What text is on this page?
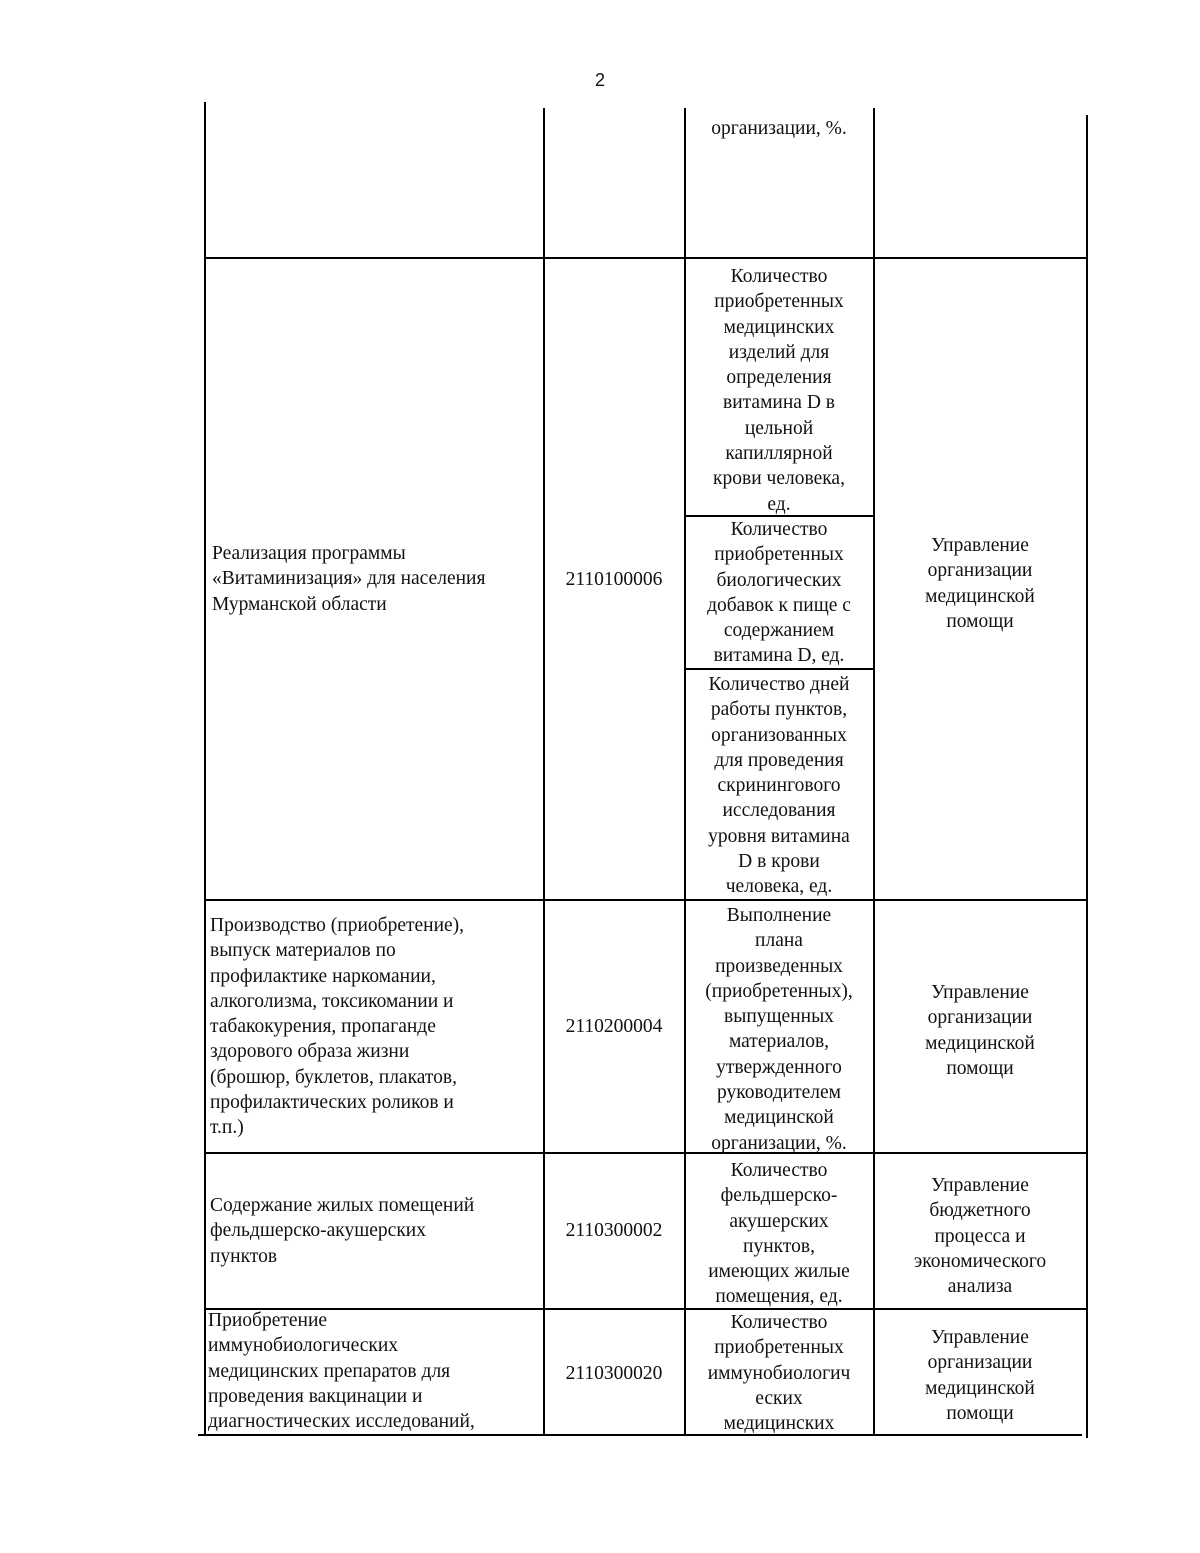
2
организации, %.
Реализация программы
«Витаминизация» для населения
Мурманской области
2110100006
Количество
приобретенных
медицинских
изделий для
определения
витамина D в
цельной
капиллярной
крови человека,
ед.
Количество
приобретенных
биологических
добавок к пище с
содержанием
витамина D, ед.
Количество дней
работы пунктов,
организованных
для проведения
скринингового
исследования
уровня витамина
D в крови
человека, ед.
Управление
организации
медицинской
помощи
Производство (приобретение),
выпуск материалов по
профилактике наркомании,
алкоголизма, токсикомании и
табакокурения, пропаганде
здорового образа жизни
(брошюр, буклетов, плакатов,
профилактических роликов и
т.п.)
2110200004
Выполнение
плана
произведенных
(приобретенных),
выпущенных
материалов,
утвержденного
руководителем
медицинской
организации, %.
Управление
организации
медицинской
помощи
Содержание жилых помещений
фельдшерско-акушерских
пунктов
2110300002
Количество
фельдшерско-
акушерских
пунктов,
имеющих жилые
помещения, ед.
Управление
бюджетного
процесса и
экономического
анализа
Приобретение
иммунобиологических
медицинских препаратов для
проведения вакцинации и
диагностических исследований,
2110300020
Количество
приобретенных
иммунобиологич
еских
медицинских
Управление
организации
медицинской
помощи
